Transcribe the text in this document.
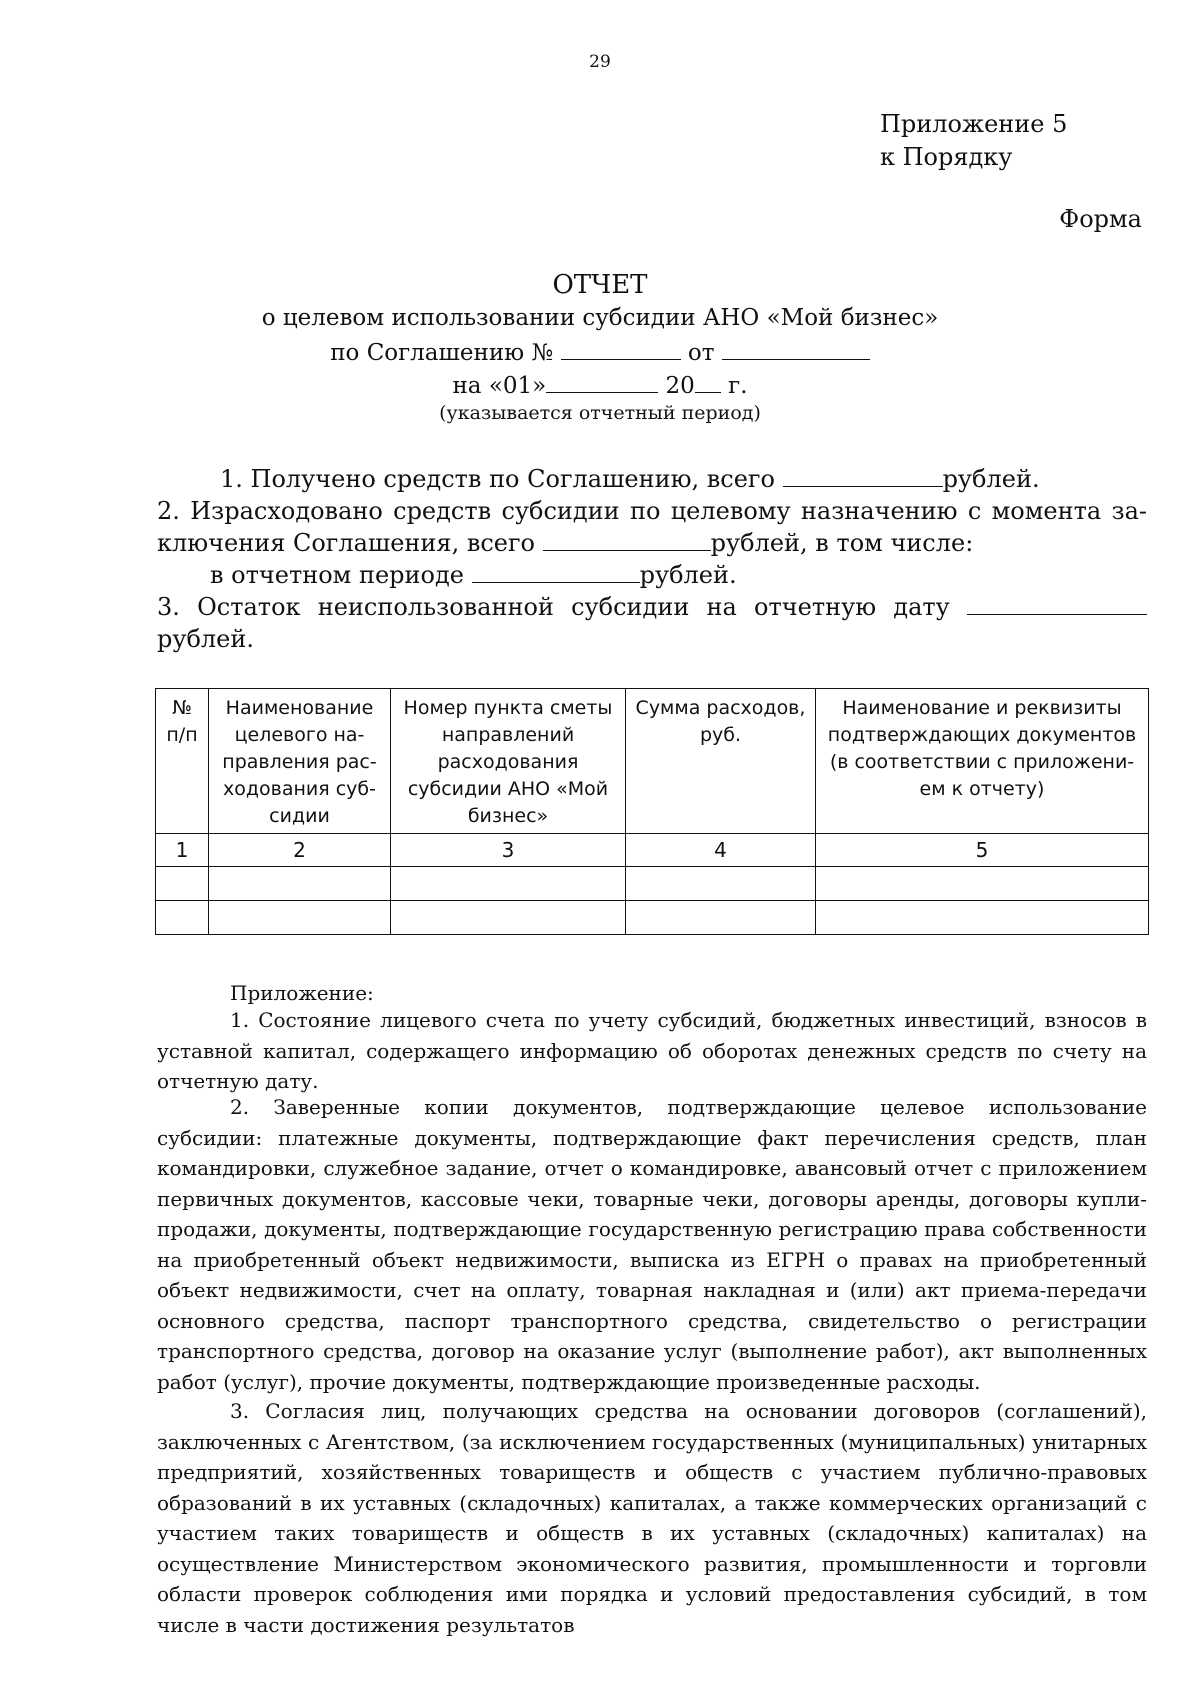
29
Приложение 5
к Порядку
Форма
ОТЧЕТ
о целевом использовании субсидии АНО «Мой бизнес»
по Соглашению №	от
на «01»	20 г.
(указывается отчетный период)
1. Получено средств по Соглашению, всего	рублей.
2. Израсходовано средств субсидии по целевому назначению с момента за-
ключения Соглашения, всего	рублей, в том числе:
в отчетном периоде	рублей.
3. Остаток неиспользованной субсидии на отчетную дату
рублей.
№ п/п	Наименование целевого на-правления рас-ходования суб-сидии	Номер пункта сметы направлений расходования субсидии АНО «Мой бизнес»	Сумма расходов, руб.	Наименование и реквизиты подтверждающих документов (в соответствии с приложени-ем к отчету)
1	2	3	4	5

Приложение:
1. Состояние лицевого счета по учету субсидий, бюджетных инвестиций, взносов в уставной капитал, содержащего информацию об оборотах денежных средств по счету на отчетную дату.
2. Заверенные копии документов, подтверждающие целевое использование субсидии: платежные документы, подтверждающие факт перечисления средств, план командировки, служебное задание, отчет о командировке, авансовый отчет с приложением первичных документов, кассовые чеки, товарные чеки, договоры аренды, договоры купли-продажи, документы, подтверждающие государственную регистрацию права собственности на приобретенный объект недвижимости, выписка из ЕГРН о правах на приобретенный объект недвижимости, счет на оплату, товарная накладная и (или) акт приема-передачи основного средства, паспорт транспортного средства, свидетельство о регистрации транспортного средства, договор на оказание услуг (выполнение работ), акт выполненных работ (услуг), прочие документы, подтверждающие произведенные расходы.
3. Согласия лиц, получающих средства на основании договоров (соглашений), заключенных с Агентством, (за исключением государственных (муниципальных) унитарных предприятий, хозяйственных товариществ и обществ с участием публично-правовых образований в их уставных (складочных) капиталах, а также коммерческих организаций с участием таких товариществ и обществ в их уставных (складочных) капиталах) на осуществление Министерством экономического развития, промышленности и торговли области проверок соблюдения ими порядка и условий предоставления субсидий, в том числе в части достижения результатов
